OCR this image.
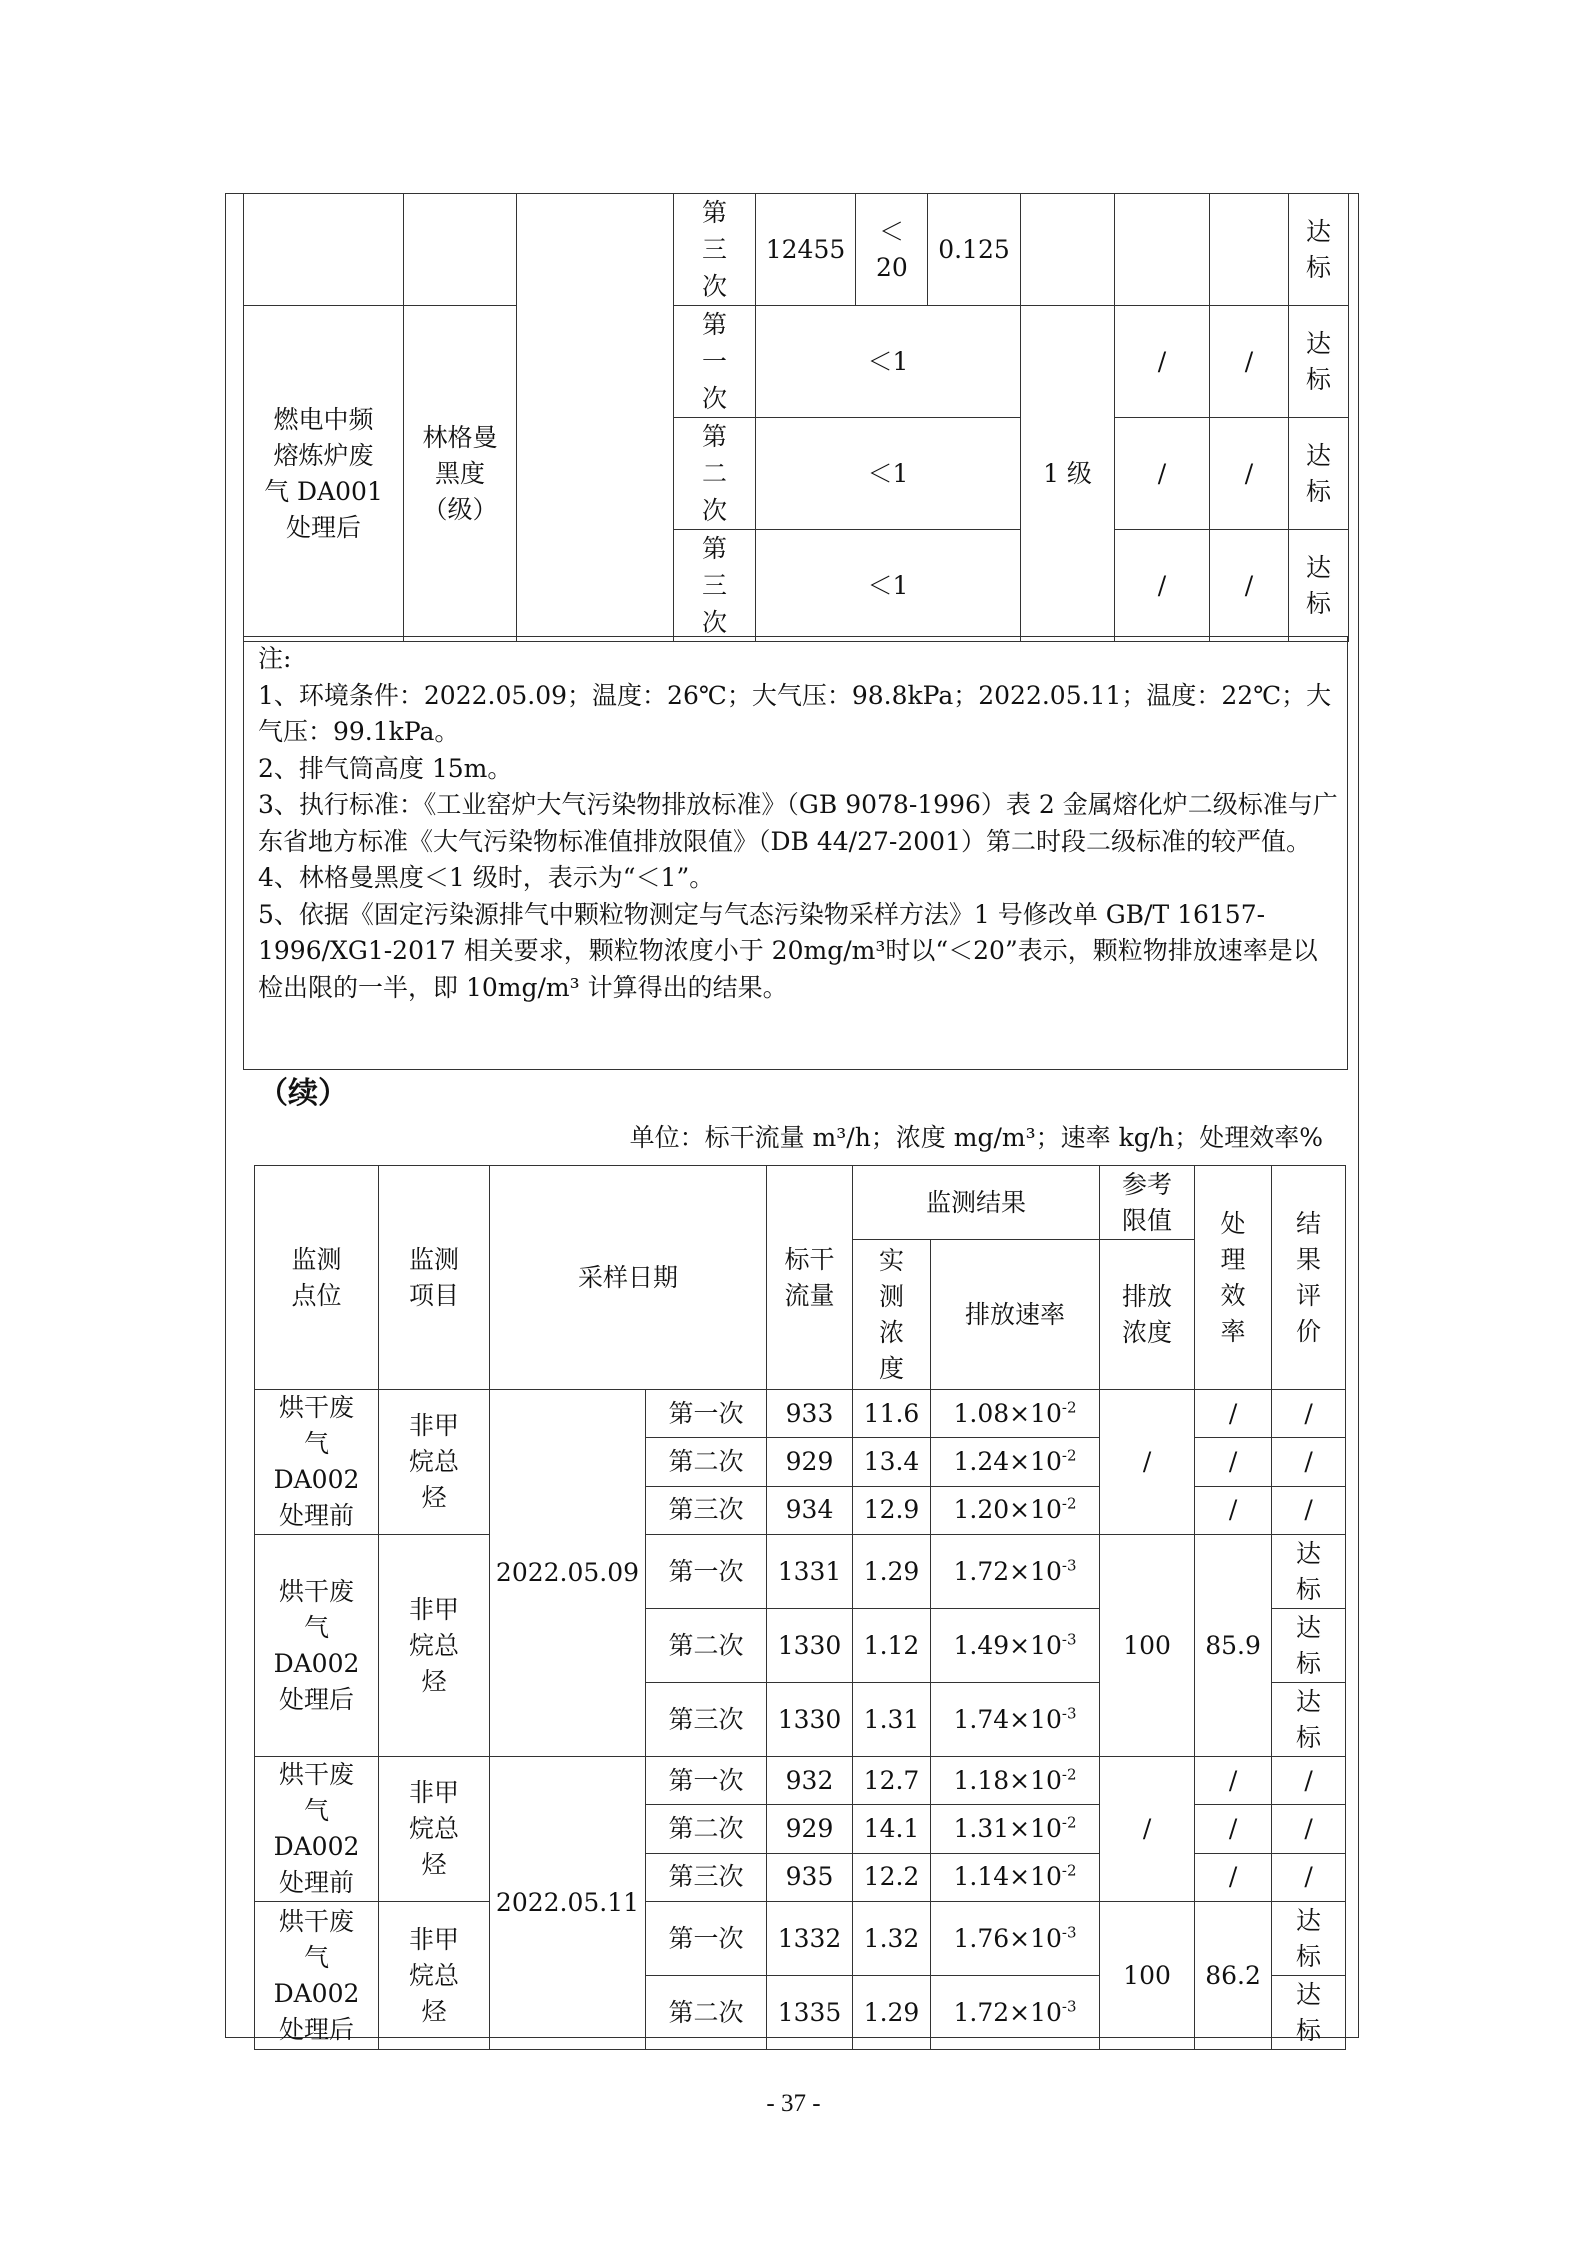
			第三次	12455	＜20	0.125				达标
燃电中频熔炼炉废气 DA001 处理后	林格曼黑度（级）		第一次	＜1			1 级	/	/	达标
			第二次	＜1				/	/	达标
			第三次	＜1				/	/	达标

注:

1、环境条件：2022.05.09；温度：26℃；大气压：98.8kPa；2022.05.11；温度：22℃；大气压：99.1kPa。

2、排气筒高度 15m。

3、执行标准：《工业窑炉大气污染物排放标准》（GB 9078-1996）表 2 金属熔化炉二级标准与广东省地方标准《大气污染物标准值排放限值》（DB 44/27-2001）第二时段二级标准的较严值。

4、林格曼黑度＜1 级时，表示为“＜1”。

5、依据《固定污染源排气中颗粒物测定与气态污染物采样方法》1 号修改单 GB/T 16157-1996/XG1-2017 相关要求，颗粒物浓度小于 20mg/m³时以“＜20”表示，颗粒物排放速率是以检出限的一半，即 10mg/m³ 计算得出的结果。

（续）
单位：标干流量 m³/h；浓度 mg/m³；速率 kg/h；处理效率%
监测点位	监测项目	采样日期		标干流量	监测结果		参考限值	处理效率	结果评价
					实测浓度	排放速率	排放浓度		
烘干废气 DA002 处理前	非甲烷总烃	2022.05.09	第一次	933	11.6	$1.08\times 10^{-2}$	/	/	/
			第二次	929	13.4	$1.24\times 10^{-2}$		/	/
			第三次	934	12.9	$1.20\times 10^{-2}$		/	/
烘干废气 DA002 处理后	非甲烷总烃		第一次	1331	1.29	$1.72\times 10^{-3}$	100	85.9	达标
			第二次	1330	1.12	$1.49\times 10^{-3}$			达标
			第三次	1330	1.31	$1.74\times 10^{-3}$			达标
烘干废气 DA002 处理前	非甲烷总烃	2022.05.11	第一次	932	12.7	$1.18\times 10^{-2}$	/	/	/
			第二次	929	14.1	$1.31\times 10^{-2}$		/	/
			第三次	935	12.2	$1.14\times 10^{-2}$		/	/
烘干废气 DA002 处理后	非甲烷总烃		第一次	1332	1.32	$1.76\times 10^{-3}$	100	86.2	达标
			第二次	1335	1.29	$1.72\times 10^{-3}$			达标
- 37 -
